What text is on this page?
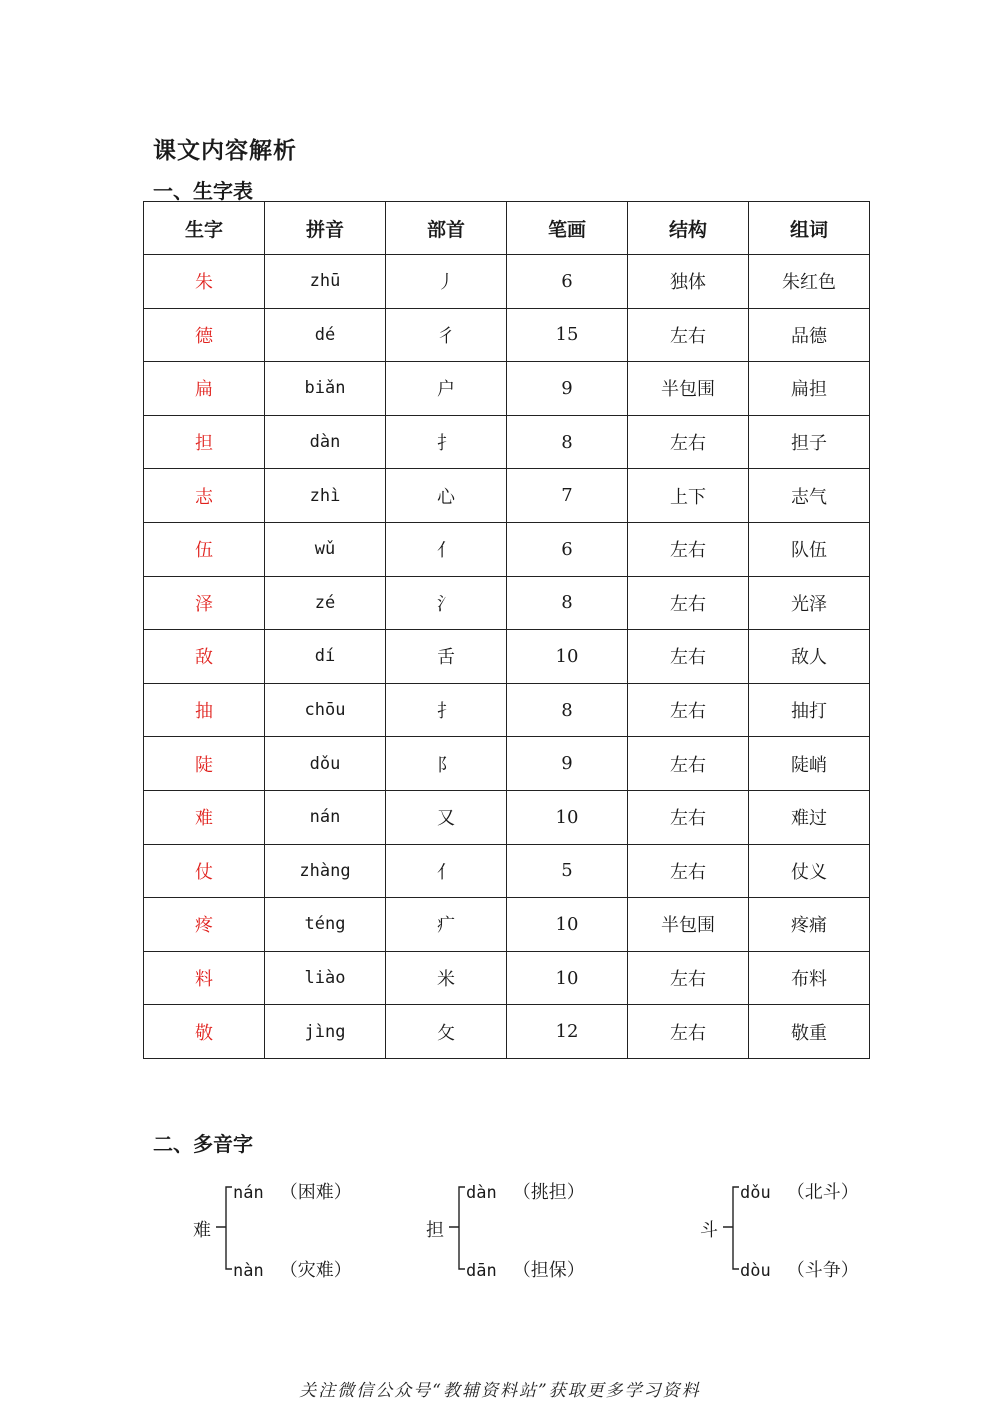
课文内容解析
一、生字表
生字	拼音	部首	笔画	结构	组词
朱	zhū	丿	6	独体	朱红色
德	dé	彳	15	左右	品德
扁	biǎn	户	9	半包围	扁担
担	dàn	扌	8	左右	担子
志	zhì	心	7	上下	志气
伍	wǔ	亻	6	左右	队伍
泽	zé	氵	8	左右	光泽
敌	dí	舌	10	左右	敌人
抽	chōu	扌	8	左右	抽打
陡	dǒu	阝	9	左右	陡峭
难	nán	又	10	左右	难过
仗	zhàng	亻	5	左右	仗义
疼	téng	疒	10	半包围	疼痛
料	liào	米	10	左右	布料
敬	jìng	攵	12	左右	敬重
二、多音字
难
nán （困难）
nàn （灾难）
担
dàn （挑担）
dān （担保）
斗
dǒu （北斗）
dòu （斗争）
关注微信公众号“教辅资料站”获取更多学习资料
